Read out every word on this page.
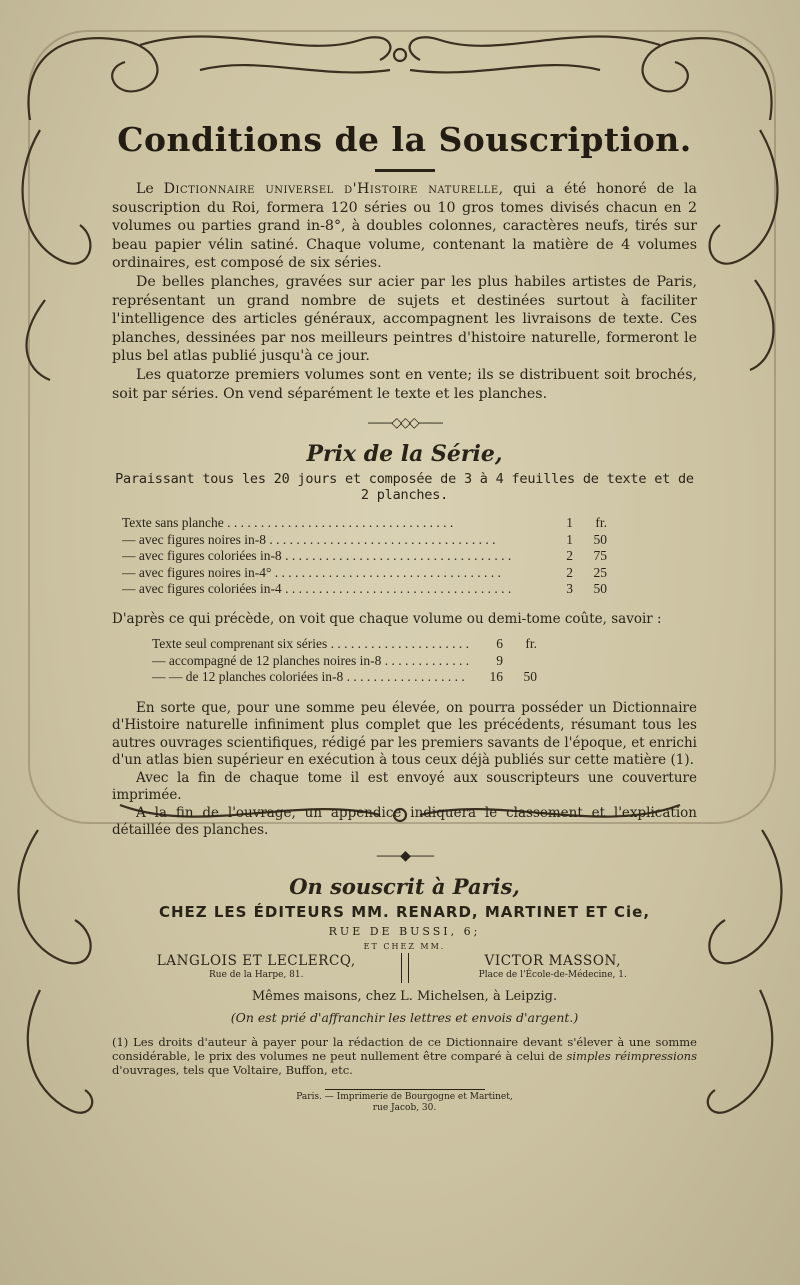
Conditions de la Souscription.

Le Dictionnaire universel d'Histoire naturelle, qui a été honoré de la souscription du Roi, formera 120 séries ou 10 gros tomes divisés chacun en 2 volumes ou parties grand in-8°, à doubles colonnes, caractères neufs, tirés sur beau papier vélin satiné. Chaque volume, contenant la matière de 4 volumes ordinaires, est composé de six séries.

De belles planches, gravées sur acier par les plus habiles artistes de Paris, représentant un grand nombre de sujets et destinées surtout à faciliter l'intelligence des articles généraux, accompagnent les livraisons de texte. Ces planches, dessinées par nos meilleurs peintres d'histoire naturelle, formeront le plus bel atlas publié jusqu'à ce jour.

Les quatorze premiers volumes sont en vente; ils se distribuent soit brochés, soit par séries. On vend séparément le texte et les planches.

——◇◇◇——
Prix de la Série,
Paraissant tous les 20 jours et composée de 3 à 4 feuilles de texte et de 2 planches.
Texte sans planche . . .	1	fr.
— avec figures noires in-8 . . .	1	50
— avec figures coloriées in-8 . . .	2	75
— avec figures noires in-4° . . .	2	25
— avec figures coloriées in-4 . . .	3	50

D'après ce qui précède, on voit que chaque volume ou demi-tome coûte, savoir :

Texte seul comprenant six séries . . .	6	fr.
— accompagné de 12 planches noires in-8 . . .	9
— — de 12 planches coloriées in-8 . . .	16	50

En sorte que, pour une somme peu élevée, on pourra posséder un Dictionnaire d'Histoire naturelle infiniment plus complet que les précédents, résumant tous les autres ouvrages scientifiques, rédigé par les premiers savants de l'époque, et enrichi d'un atlas bien supérieur en exécution à tous ceux déjà publiés sur cette matière (1).

Avec la fin de chaque tome il est envoyé aux souscripteurs une couverture imprimée.

A la fin de l'ouvrage, un appendice indiquera le classement et l'explication détaillée des planches.

——◆——
On souscrit à Paris,
CHEZ LES ÉDITEURS MM. RENARD, MARTINET ET Cie,
RUE DE BUSSI, 6;
ET CHEZ MM.
LANGLOIS ET LECLERCQ,
Rue de la Harpe, 81.
VICTOR MASSON,
Place de l'École-de-Médecine, 1.
Mêmes maisons, chez L. Michelsen, à Leipzig.
(On est prié d'affranchir les lettres et envois d'argent.)

(1) Les droits d'auteur à payer pour la rédaction de ce Dictionnaire devant s'élever à une somme considérable, le prix des volumes ne peut nullement être comparé à celui de simples réimpressions d'ouvrages, tels que Voltaire, Buffon, etc.

Paris. — Imprimerie de Bourgogne et Martinet,
rue Jacob, 30.
